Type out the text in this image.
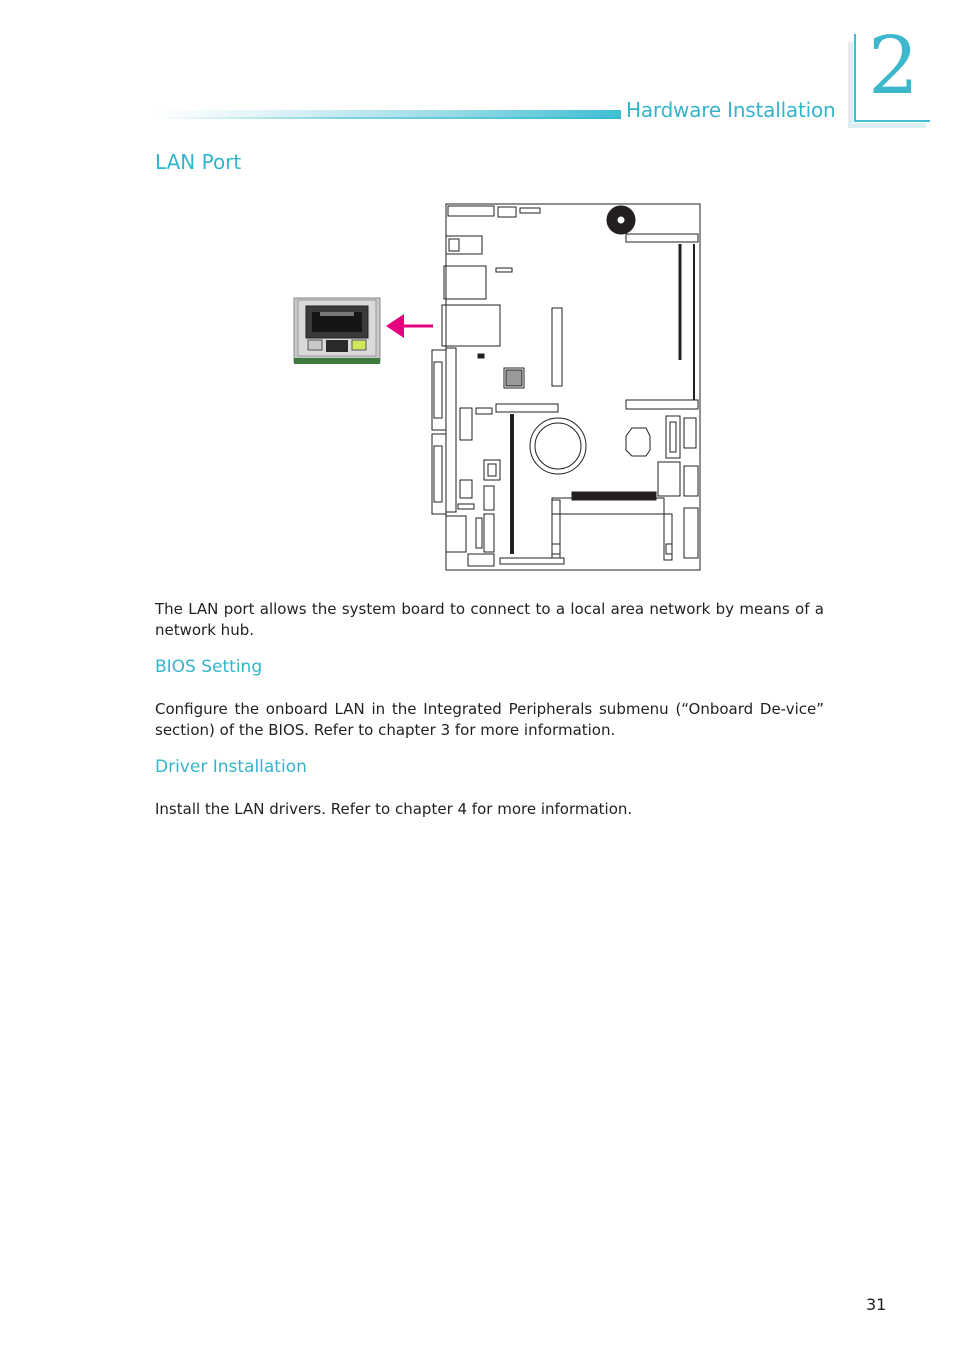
Hardware Installation 2
LAN Port

The LAN port allows the system board to connect to a local area network by means of a network hub.

BIOS Setting

Configure the onboard LAN in the Integrated Peripherals submenu (“Onboard De-vice” section) of the BIOS. Refer to chapter 3 for more information.

Driver Installation

Install the LAN drivers. Refer to chapter 4 for more information.

31
